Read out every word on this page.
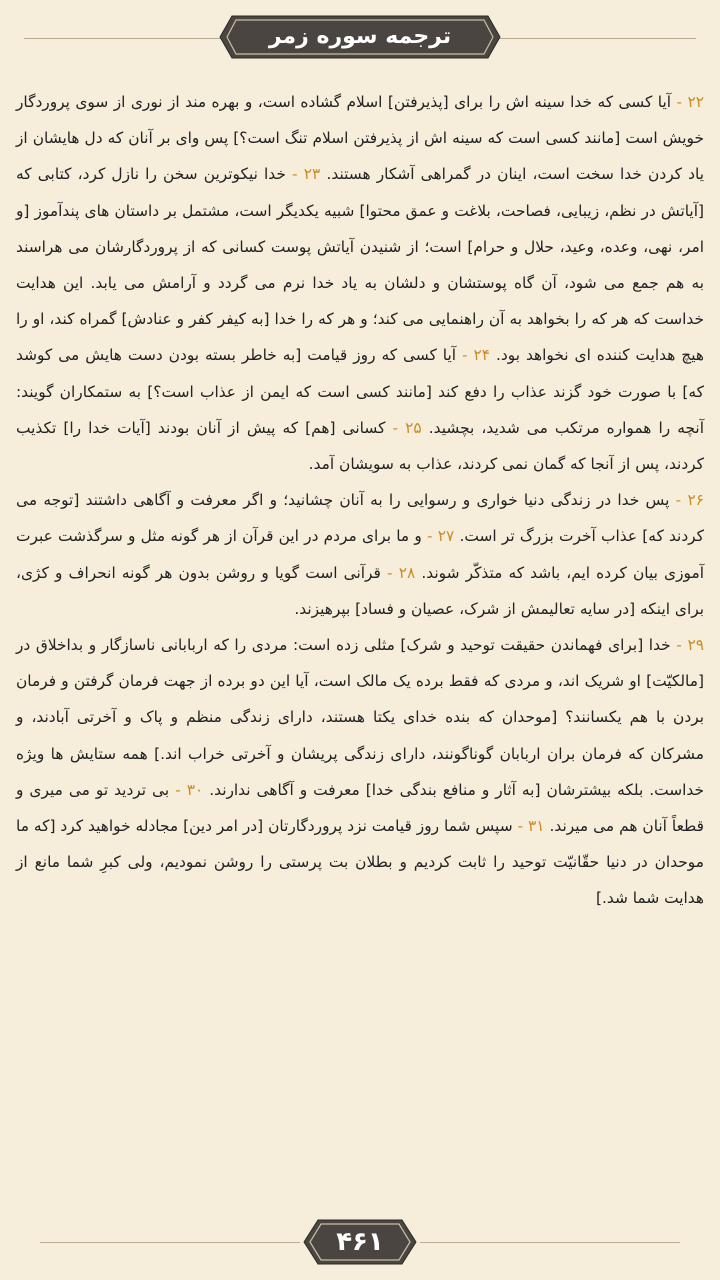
ترجمه سوره زمر

۲۲ - آیا کسی که خدا سینه اش را برای [پذیرفتن] اسلام گشاده است، و بهره مند از نوری از سوی پروردگار خویش است [مانند کسی است که سینه اش از پذیرفتن اسلام تنگ است؟] پس وای بر آنان که دل هایشان از یاد کردن خدا سخت است، اینان در گمراهی آشکار هستند. ۲۳ - خدا نیکوترین سخن را نازل کرد، کتابی که [آیاتش در نظم، زیبایی، فصاحت، بلاغت و عمق محتوا] شبیه یکدیگر است، مشتمل بر داستان های پندآموز [و امر، نهی، وعده، وعید، حلال و حرام] است؛ از شنیدن آیاتش پوست کسانی که از پروردگارشان می هراسند به هم جمع می شود، آن گاه پوستشان و دلشان به یاد خدا نرم می گردد و آرامش می یابد. این هدایت خداست که هر که را بخواهد به آن راهنمایی می کند؛ و هر که را خدا [به کیفر کفر و عنادش] گمراه کند، او را هیچ هدایت کننده ای نخواهد بود. ۲۴ - آیا کسی که روز قیامت [به خاطر بسته بودن دست هایش می کوشد که] با صورت خود گزند عذاب را دفع کند [مانند کسی است که ایمن از عذاب است؟] به ستمکاران گویند: آنچه را همواره مرتکب می شدید، بچشید. ۲۵ - کسانی [هم] که پیش از آنان بودند [آیات خدا را] تکذیب کردند، پس از آنجا که گمان نمی کردند، عذاب به سویشان آمد.

۲۶ - پس خدا در زندگی دنیا خواری و رسوایی را به آنان چشانید؛ و اگر معرفت و آگاهی داشتند [توجه می کردند که] عذاب آخرت بزرگ تر است. ۲۷ - و ما برای مردم در این قرآن از هر گونه مثل و سرگذشت عبرت آموزی بیان کرده ایم، باشد که متذکّر شوند. ۲۸ - قرآنی است گویا و روشن بدون هر گونه انحراف و کژی، برای اینکه [در سایه تعالیمش از شرک، عصیان و فساد] بپرهیزند.

۲۹ - خدا [برای فهماندن حقیقت توحید و شرک] مثلی زده است: مردی را که اربابانی ناسازگار و بداخلاق در [مالکیّت] او شریک اند، و مردی که فقط برده یک مالک است، آیا این دو برده از جهت فرمان گرفتن و فرمان بردن با هم یکسانند؟ [موحدان که بنده خدای یکتا هستند، دارای زندگی منظم و پاک و آخرتی آبادند، و مشرکان که فرمان بران اربابان گوناگونند، دارای زندگی پریشان و آخرتی خراب اند.] همه ستایش ها ویژه خداست. بلکه بیشترشان [به آثار و منافع بندگی خدا] معرفت و آگاهی ندارند. ۳۰ - بی تردید تو می میری و قطعاً آنان هم می میرند. ۳۱ - سپس شما روز قیامت نزد پروردگارتان [در امر دین] مجادله خواهید کرد [که ما موحدان در دنیا حقّانیّت توحید را ثابت کردیم و بطلان بت پرستی را روشن نمودیم، ولی کبرِ شما مانع از هدایت شما شد.]

۴۶۱
